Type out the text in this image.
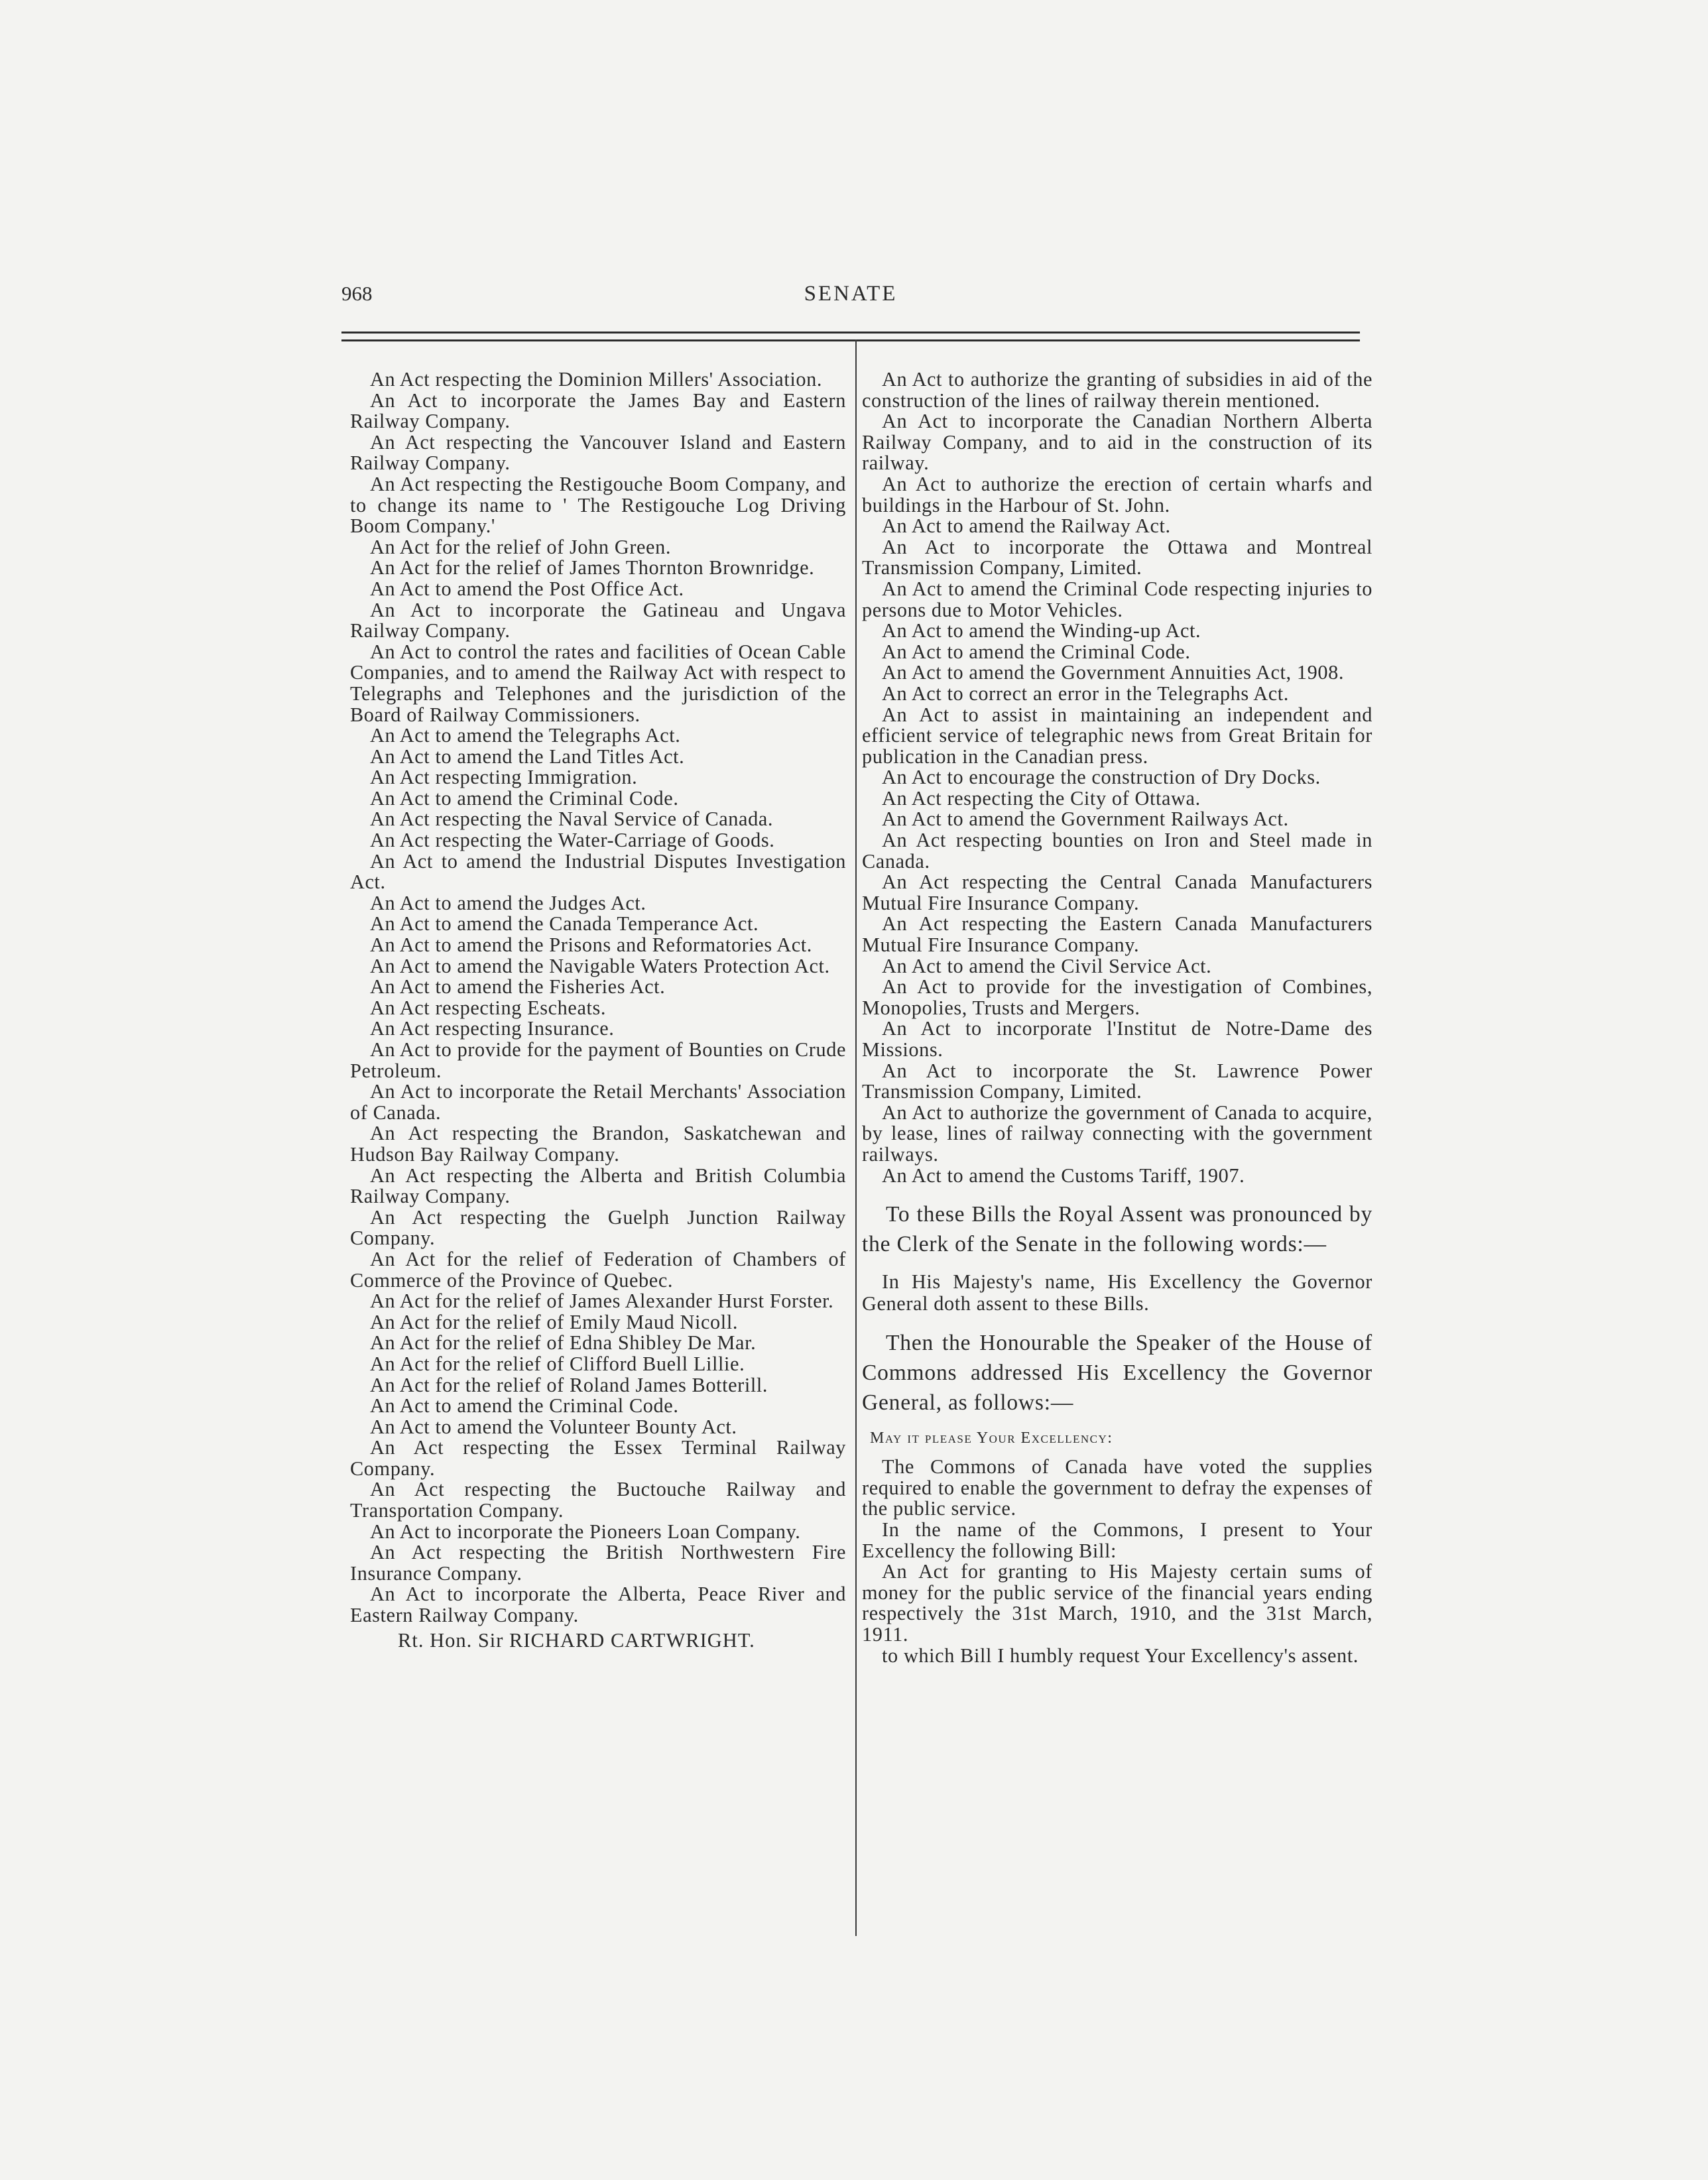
968	SENATE

An Act respecting the Dominion Millers' Association.

An Act to incorporate the James Bay and Eastern Railway Company.

An Act respecting the Vancouver Island and Eastern Railway Company.

An Act respecting the Restigouche Boom Company, and to change its name to ' The Restigouche Log Driving Boom Company.'

An Act for the relief of John Green.

An Act for the relief of James Thornton Brownridge.

An Act to amend the Post Office Act.

An Act to incorporate the Gatineau and Ungava Railway Company.

An Act to control the rates and facilities of Ocean Cable Companies, and to amend the Railway Act with respect to Telegraphs and Telephones and the jurisdiction of the Board of Railway Commissioners.

An Act to amend the Telegraphs Act.

An Act to amend the Land Titles Act.

An Act respecting Immigration.

An Act to amend the Criminal Code.

An Act respecting the Naval Service of Canada.

An Act respecting the Water-Carriage of Goods.

An Act to amend the Industrial Disputes Investigation Act.

An Act to amend the Judges Act.

An Act to amend the Canada Temperance Act.

An Act to amend the Prisons and Reformatories Act.

An Act to amend the Navigable Waters Protection Act.

An Act to amend the Fisheries Act.

An Act respecting Escheats.

An Act respecting Insurance.

An Act to provide for the payment of Bounties on Crude Petroleum.

An Act to incorporate the Retail Merchants' Association of Canada.

An Act respecting the Brandon, Saskatchewan and Hudson Bay Railway Company.

An Act respecting the Alberta and British Columbia Railway Company.

An Act respecting the Guelph Junction Railway Company.

An Act for the relief of Federation of Chambers of Commerce of the Province of Quebec.

An Act for the relief of James Alexander Hurst Forster.

An Act for the relief of Emily Maud Nicoll.

An Act for the relief of Edna Shibley De Mar.

An Act for the relief of Clifford Buell Lillie.

An Act for the relief of Roland James Botterill.

An Act to amend the Criminal Code.

An Act to amend the Volunteer Bounty Act.

An Act respecting the Essex Terminal Railway Company.

An Act respecting the Buctouche Railway and Transportation Company.

An Act to incorporate the Pioneers Loan Company.

An Act respecting the British Northwestern Fire Insurance Company.

An Act to incorporate the Alberta, Peace River and Eastern Railway Company.

Rt. Hon. Sir RICHARD CARTWRIGHT.

An Act to authorize the granting of subsidies in aid of the construction of the lines of railway therein mentioned.

An Act to incorporate the Canadian Northern Alberta Railway Company, and to aid in the construction of its railway.

An Act to authorize the erection of certain wharfs and buildings in the Harbour of St. John.

An Act to amend the Railway Act.

An Act to incorporate the Ottawa and Montreal Transmission Company, Limited.

An Act to amend the Criminal Code respecting injuries to persons due to Motor Vehicles.

An Act to amend the Winding-up Act.

An Act to amend the Criminal Code.

An Act to amend the Government Annuities Act, 1908.

An Act to correct an error in the Telegraphs Act.

An Act to assist in maintaining an independent and efficient service of telegraphic news from Great Britain for publication in the Canadian press.

An Act to encourage the construction of Dry Docks.

An Act respecting the City of Ottawa.

An Act to amend the Government Railways Act.

An Act respecting bounties on Iron and Steel made in Canada.

An Act respecting the Central Canada Manufacturers Mutual Fire Insurance Company.

An Act respecting the Eastern Canada Manufacturers Mutual Fire Insurance Company.

An Act to amend the Civil Service Act.

An Act to provide for the investigation of Combines, Monopolies, Trusts and Mergers.

An Act to incorporate l'Institut de Notre-Dame des Missions.

An Act to incorporate the St. Lawrence Power Transmission Company, Limited.

An Act to authorize the government of Canada to acquire, by lease, lines of railway connecting with the government railways.

An Act to amend the Customs Tariff, 1907.

To these Bills the Royal Assent was pronounced by the Clerk of the Senate in the following words:—

In His Majesty's name, His Excellency the Governor General doth assent to these Bills.

Then the Honourable the Speaker of the House of Commons addressed His Excellency the Governor General, as follows:—

May it please Your Excellency:

The Commons of Canada have voted the supplies required to enable the government to defray the expenses of the public service.

In the name of the Commons, I present to Your Excellency the following Bill:

An Act for granting to His Majesty certain sums of money for the public service of the financial years ending respectively the 31st March, 1910, and the 31st March, 1911.

to which Bill I humbly request Your Excellency's assent.
